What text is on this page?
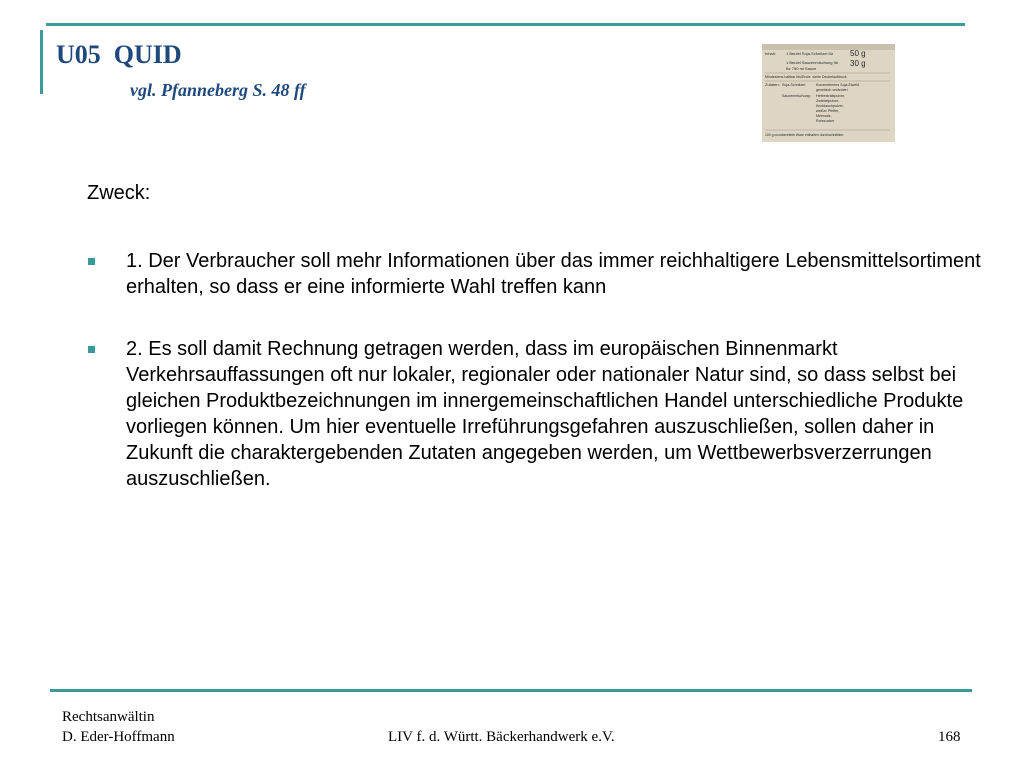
U05  QUID
vgl. Pfanneberg S. 48 ff
Inhalt:	1 Beutel Soja-Schnitzel für 50 g 1 Beutel Saucenmischung für 30 g für 750 ml Sauce Mindestens haltbar bis/Ende: siehe Deckelaufdruck Zutaten: Soja-Schnitzel:	Konzentriertes Soja-Eiweiß genetisch verändert Saucenmischung: Hefeextraktpulver, Zwiebelpulver, Knoblauchpulver, weißer Pfeffer, Meersalz, Rohrzucker 100 g unzubereitete Ware enthalten durchschnittlich:
Zweck:
1. Der Verbraucher soll mehr Informationen über das immer reichhaltigere Lebensmittelsortiment erhalten, so dass er eine informierte Wahl treffen kann
2. Es soll damit Rechnung getragen werden, dass im europäischen Binnenmarkt Verkehrsauffassungen oft nur lokaler, regionaler oder nationaler Natur sind, so dass selbst bei gleichen Produktbezeichnungen im innergemeinschaftlichen Handel unterschiedliche Produkte vorliegen können. Um hier eventuelle Irreführungsgefahren auszuschließen, sollen daher in Zukunft die charaktergebenden Zutaten angegeben werden, um Wettbewerbsverzerrungen auszuschließen.
Rechtsanwältin
D. Eder-Hoffmann	LIV f. d. Württ. Bäckerhandwerk e.V.	168
